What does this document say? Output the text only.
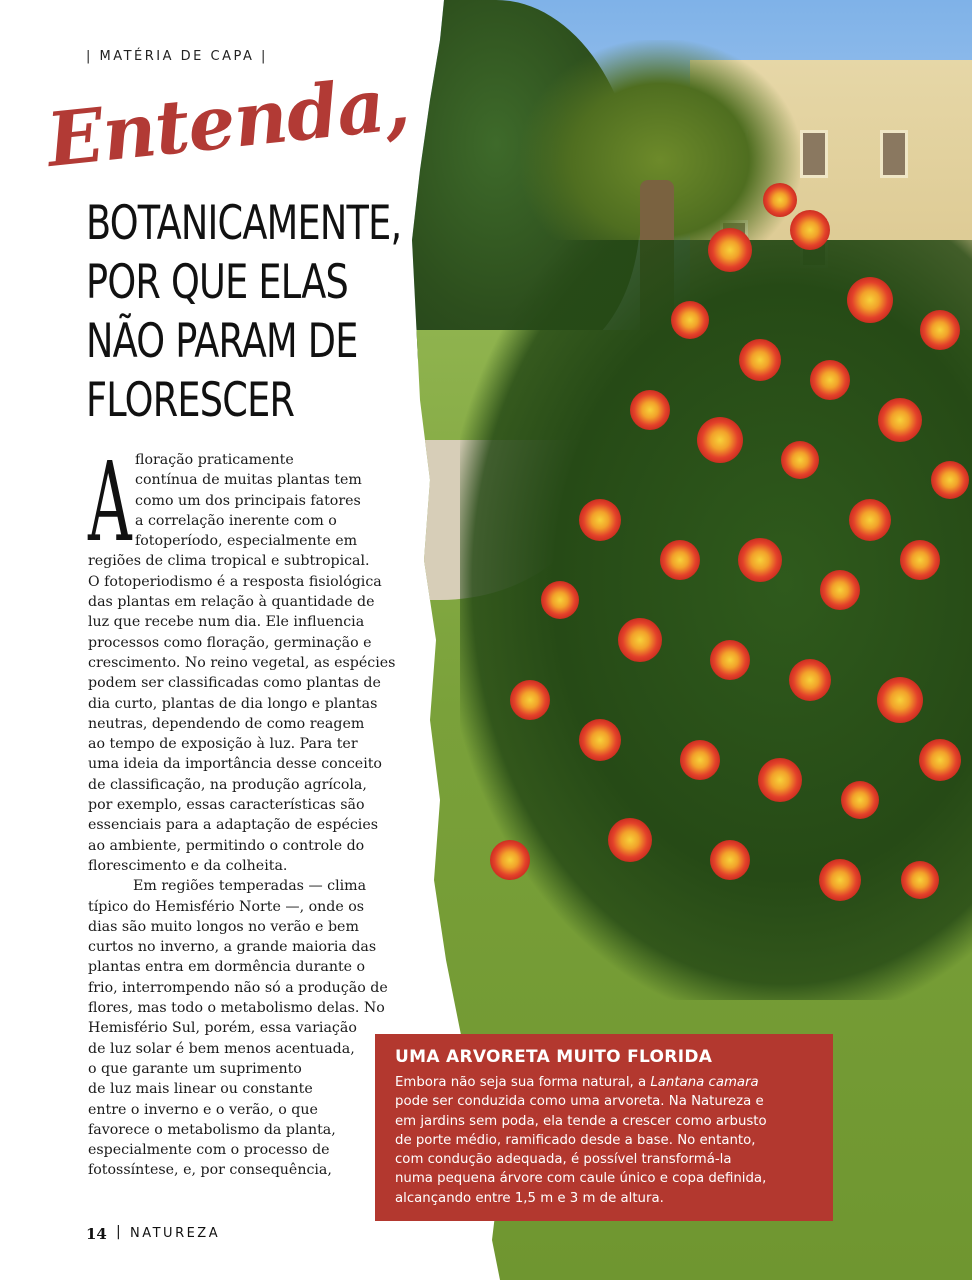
| MATÉRIA DE CAPA |
Entenda,
BOTANICAMENTE,
POR QUE ELAS
NÃO PARAM DE
FLORESCER
A floração praticamente
contínua de muitas plantas tem
como um dos principais fatores
a correlação inerente com o
fotoperíodo, especialmente em
regiões de clima tropical e subtropical.
O fotoperiodismo é a resposta fisiológica
das plantas em relação à quantidade de
luz que recebe num dia. Ele influencia
processos como floração, germinação e
crescimento. No reino vegetal, as espécies
podem ser classificadas como plantas de
dia curto, plantas de dia longo e plantas
neutras, dependendo de como reagem
ao tempo de exposição à luz. Para ter
uma ideia da importância desse conceito
de classificação, na produção agrícola,
por exemplo, essas características são
essenciais para a adaptação de espécies
ao ambiente, permitindo o controle do
florescimento e da colheita.
Em regiões temperadas — clima
típico do Hemisfério Norte —, onde os
dias são muito longos no verão e bem
curtos no inverno, a grande maioria das
plantas entra em dormência durante o
frio, interrompendo não só a produção de
flores, mas todo o metabolismo delas. No
Hemisfério Sul, porém, essa variação
de luz solar é bem menos acentuada,
o que garante um suprimento
de luz mais linear ou constante
entre o inverno e o verão, o que
favorece o metabolismo da planta,
especialmente com o processo de
fotossíntese, e, por consequência,
UMA ARVORETA MUITO FLORIDA
Embora não seja sua forma natural, a Lantana camara
pode ser conduzida como uma arvoreta. Na Natureza e
em jardins sem poda, ela tende a crescer como arbusto
de porte médio, ramificado desde a base. No entanto,
com condução adequada, é possível transformá-la
numa pequena árvore com caule único e copa definida,
alcançando entre 1,5 m e 3 m de altura.
14 | NATUREZA
